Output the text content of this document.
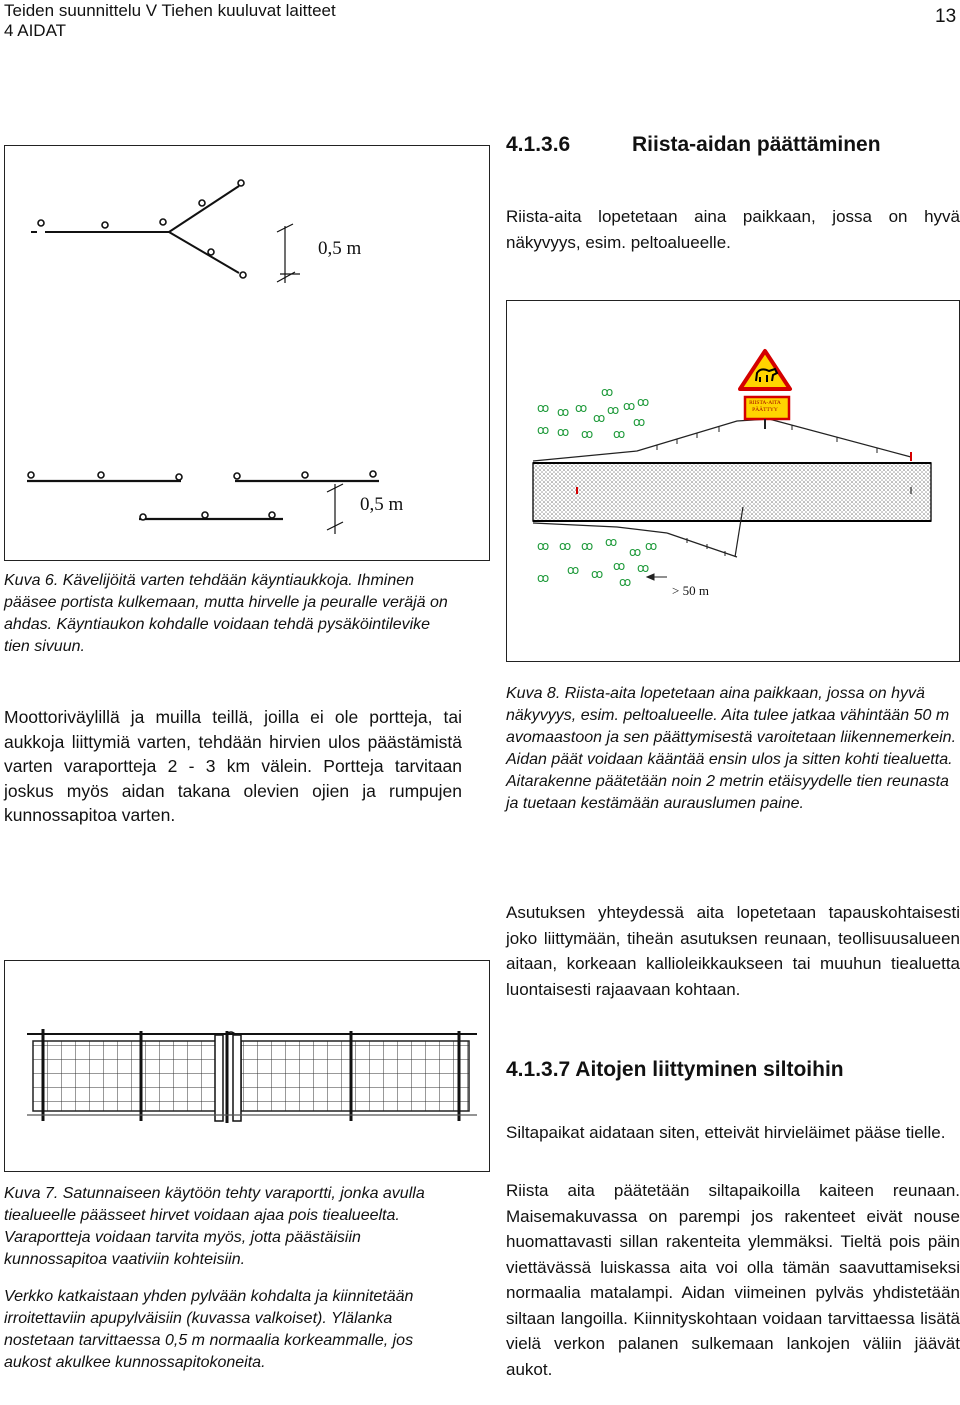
Teiden suunnittelu V Tiehen kuuluvat laitteet
4 AIDAT
13
0,5 m
0,5 m
Kuva 6. Kävelijöitä varten tehdään käyntiaukkoja. Ihminen pääsee portista kulkemaan, mutta hirvelle ja peuralle veräjä on ahdas. Käyntiaukon kohdalle voidaan tehdä pysäköintilevike tien sivuun.
Moottoriväylillä ja muilla teillä, joilla ei ole portteja, tai aukkoja liittymiä varten, tehdään hirvien ulos päästämistä varten varaportteja 2 - 3 km välein. Portteja tarvitaan joskus myös aidan takana olevien ojien ja rumpujen kunnossapitoa varten.
4.1.3.6	Riista-aidan päättäminen
Riista-aita lopetetaan aina paikkaan, jossa on hyvä näkyvyys, esim. peltoalueelle.
RIISTA-AITA
PÄÄTTYY
ꝏ ꝏ ꝏ
ꝏ
ꝏ
ꝏ ꝏ ꝏ
ꝏ ꝏ ꝏ ꝏ
ꝏ
ꝏ ꝏ ꝏ ꝏ
ꝏ ꝏ
ꝏ
ꝏ ꝏ
ꝏ
ꝏ
ꝏ
> 50 m
Kuva 8. Riista-aita lopetetaan aina paikkaan, jossa on hyvä näkyvyys, esim. peltoalueelle. Aita tulee jatkaa vähintään 50 m avomaastoon ja sen päättymisestä varoitetaan liikennemerkein. Aidan päät voidaan kääntää ensin ulos ja sitten kohti tiealuetta. Aitarakenne päätetään noin 2 metrin etäisyydelle tien reunasta ja tuetaan kestämään aurauslumen paine.
Asutuksen yhteydessä aita lopetetaan tapauskohtaisesti joko liittymään, tiheän asutuksen reunaan, teollisuusalueen aitaan, korkeaan kallioleikkaukseen tai muuhun tiealuetta luontaisesti rajaavaan kohtaan.
4.1.3.7 Aitojen liittyminen siltoihin
Siltapaikat aidataan siten, etteivät hirvieläimet pääse tielle.
Riista aita päätetään siltapaikoilla kaiteen reunaan. Maisemakuvassa on parempi jos rakenteet eivät nouse huomattavasti sillan rakenteita ylemmäksi. Tieltä pois päin viettävässä luiskassa aita voi olla tämän saavuttamiseksi normaalia matalampi. Aidan viimeinen pylväs yhdistetään siltaan langoilla. Kiinnityskohtaan voidaan tarvittaessa lisätä vielä verkon palanen sulkemaan lankojen väliin jäävät aukot.
Kuva 7. Satunnaiseen käytöön tehty varaportti, jonka avulla tiealueelle päässeet hirvet voidaan ajaa pois tiealueelta. Varaportteja voidaan tarvita myös, jotta päästäisiin kunnossapitoa vaativiin kohteisiin.
Verkko katkaistaan yhden pylvään kohdalta ja kiinnitetään irroitettaviin apupylväisiin (kuvassa valkoiset). Ylälanka nostetaan tarvittaessa 0,5 m normaalia korkeammalle, jos aukost akulkee kunnossapitokoneita.
